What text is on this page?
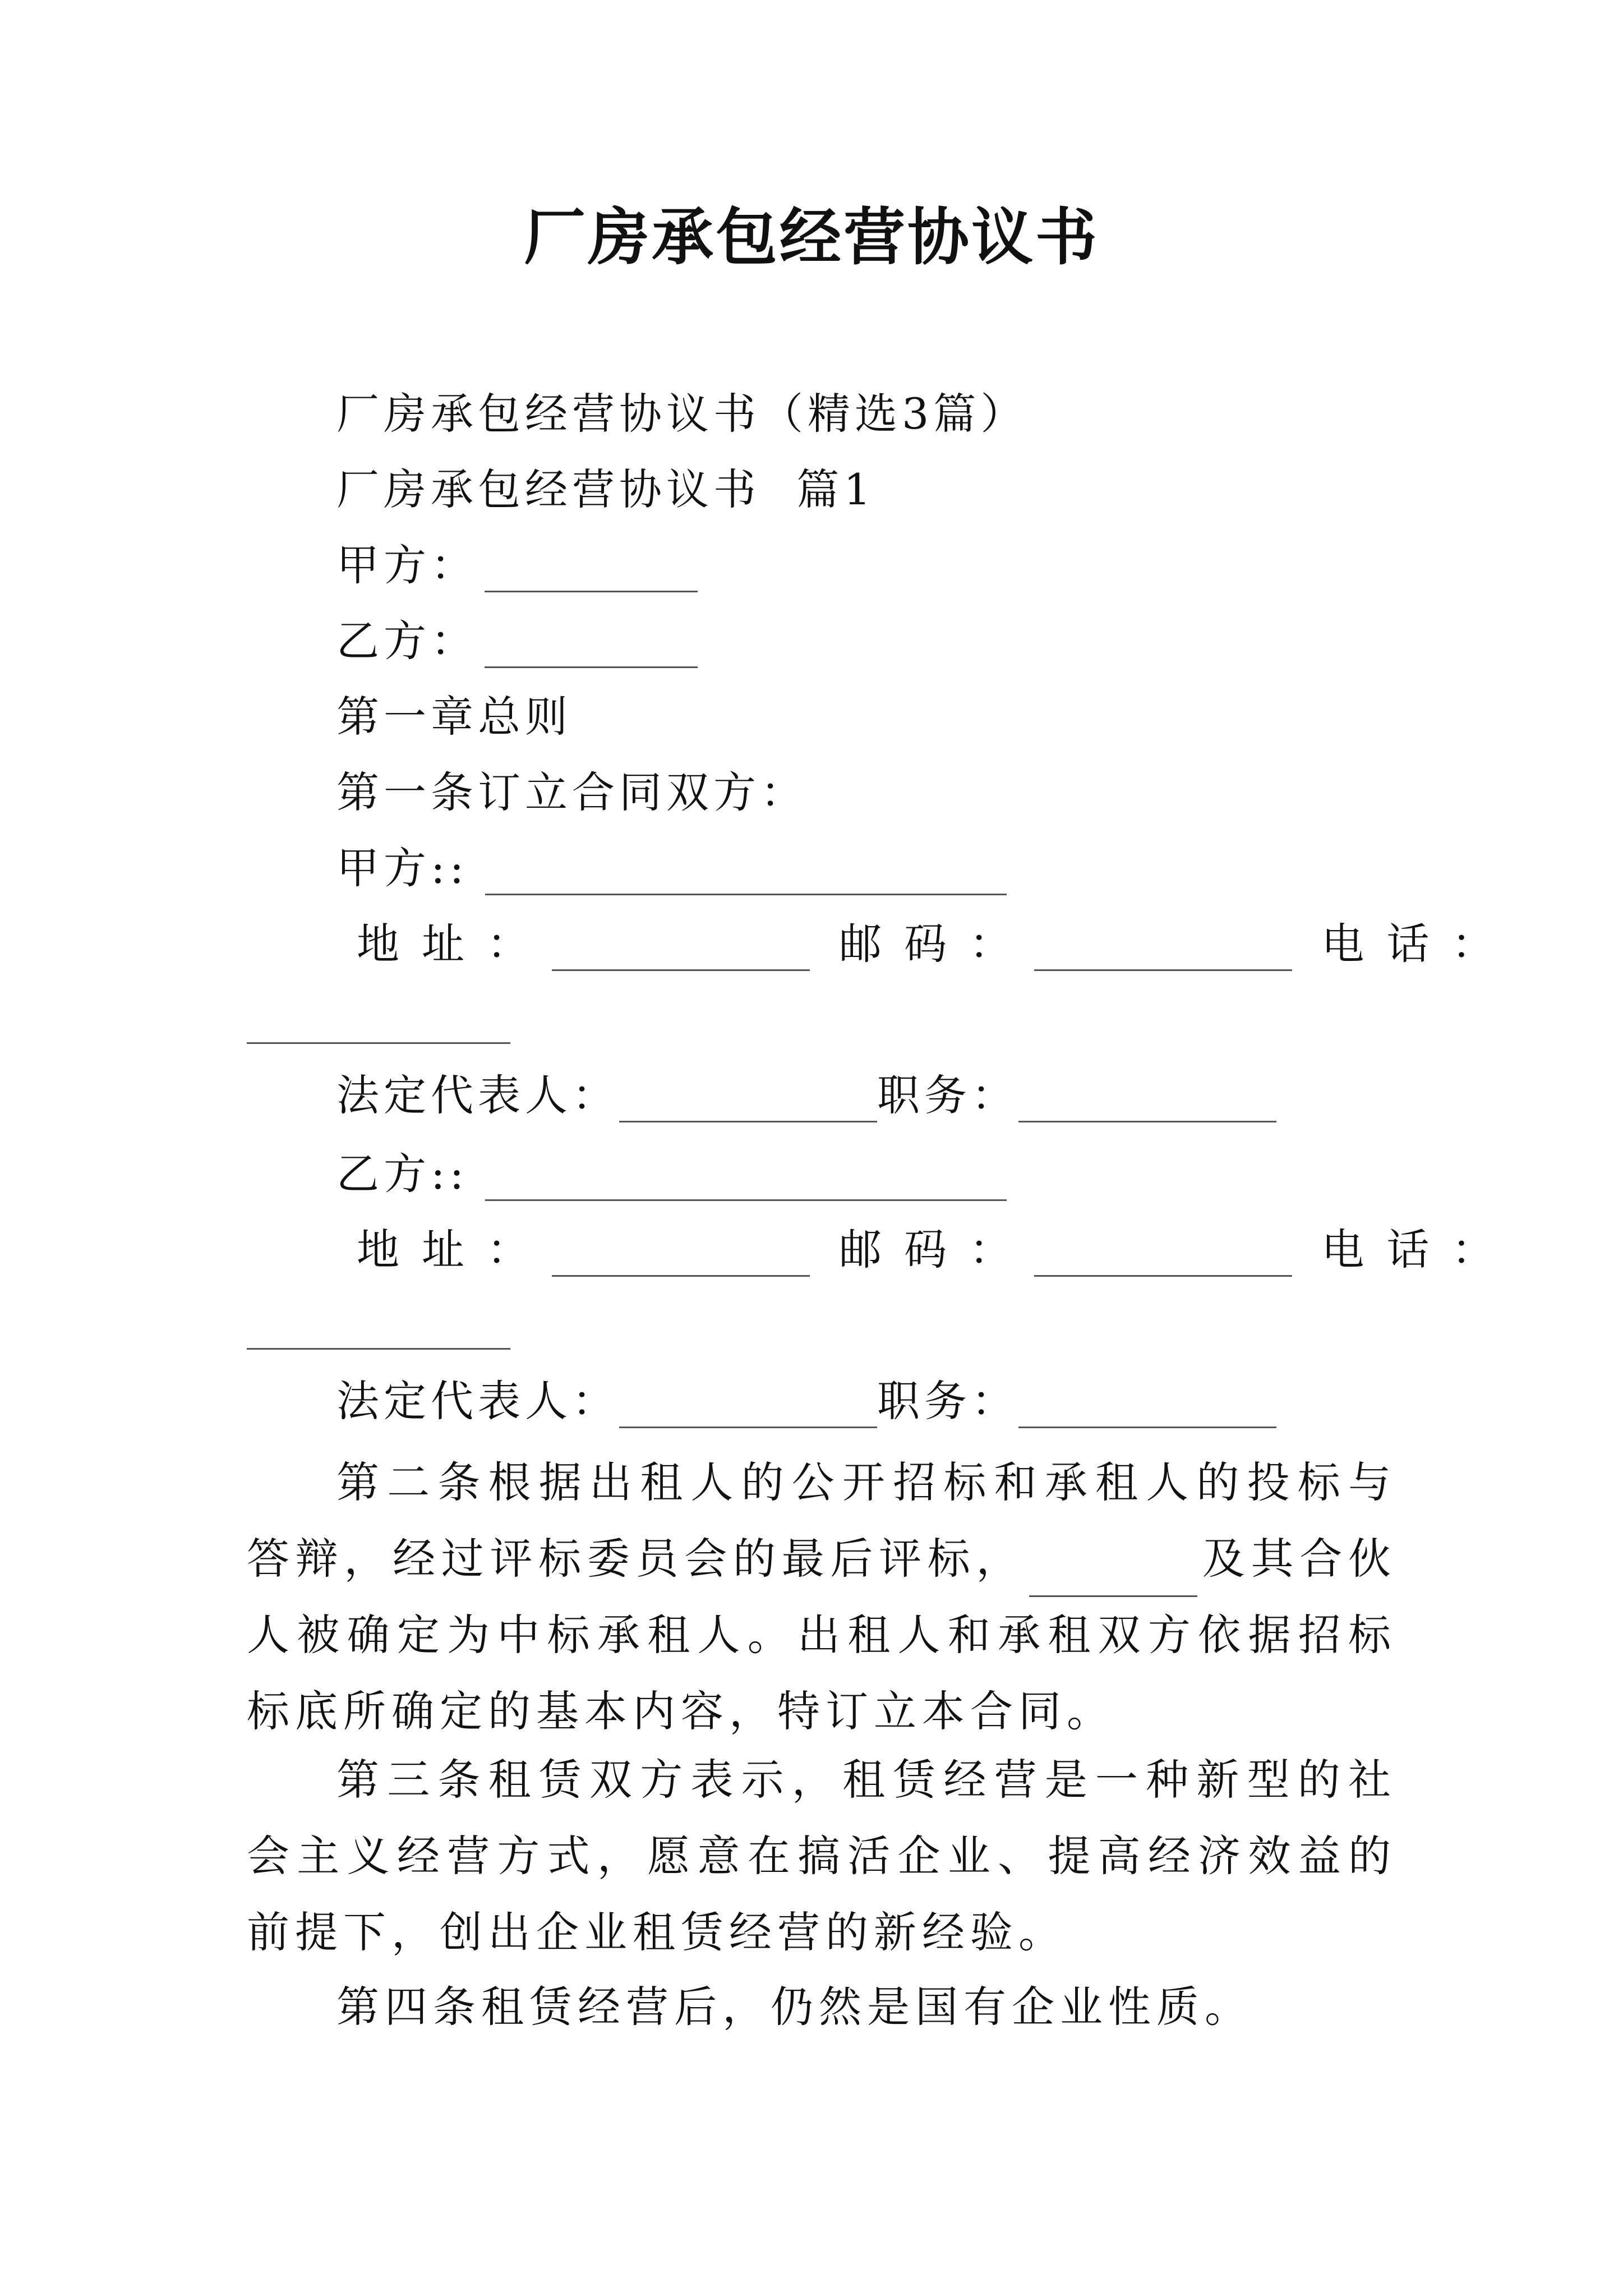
厂房承包经营协议书
厂房承包经营协议书（精选3篇）
厂房承包经营协议书  篇1
甲方：
乙方：
第一章总则
第一条订立合同双方：
甲方::
地址：	邮码：	电话：
法定代表人：	职务：
乙方::
地址：	邮码：	电话：
法定代表人：	职务：
第二条根据出租人的公开招标和承租人的投标与答辩，经过评标委员会的最后评标，	及其合伙人被确定为中标承租人。出租人和承租双方依据招标标底所确定的基本内容，特订立本合同。
第三条租赁双方表示，租赁经营是一种新型的社会主义经营方式，愿意在搞活企业、提高经济效益的前提下，创出企业租赁经营的新经验。
第四条租赁经营后，仍然是国有企业性质。
